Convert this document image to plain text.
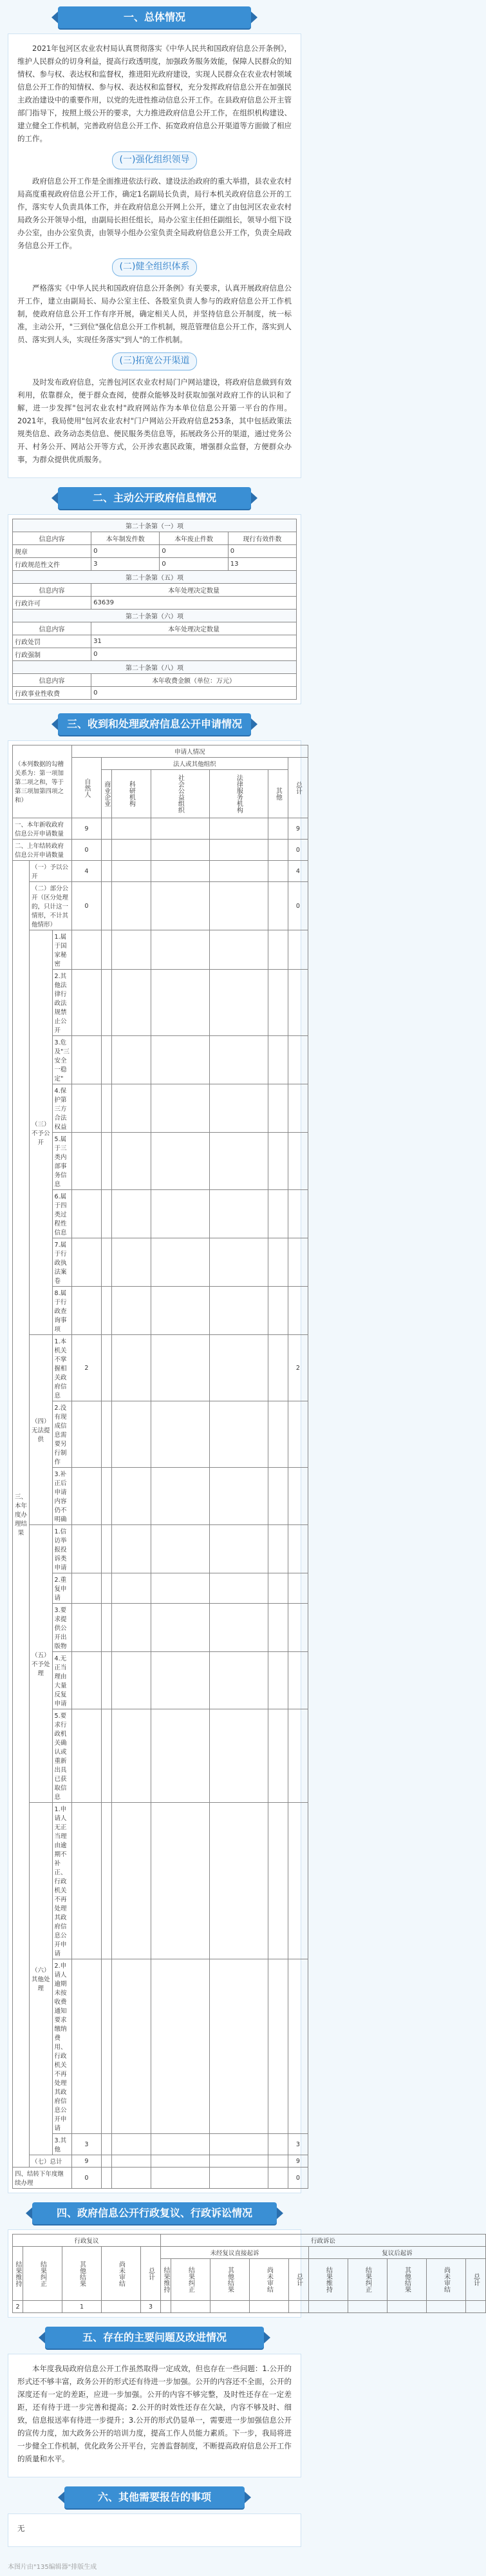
一、总体情况

2021年包河区农业农村局认真贯彻落实《中华人民共和国政府信息公开条例》，维护人民群众的切身利益，提高行政透明度，加强政务服务效能，保障人民群众的知情权、参与权、表达权和监督权，推进阳光政府建设，实现人民群众在农业农村领域信息公开工作的知情权、参与权、表达权和监督权，充分发挥政府信息公开在加强民主政治建设中的重要作用，以党的先进性推动信息公开工作。在县政府信息公开主管部门指导下，按照上级公开的要求，大力推进政府信息公开工作，在组织机构建设、建立健全工作机制，完善政府信息公开工作、拓宽政府信息公开渠道等方面做了相应的工作。

(一)强化组织领导

政府信息公开工作是全面推进依法行政、建设法治政府的重大举措，县农业农村局高度重视政府信息公开工作，确定1名副局长负责，局行本机关政府信息公开的工作，落实专人负责具体工作，并在政府信息公开网上公开，建立了由包河区农业农村局政务公开领导小组，由副局长担任组长，局办公室主任担任副组长，领导小组下设办公室，由办公室负责，由领导小组办公室负责全局政府信息公开工作，负责全局政务信息公开工作。

(二)健全组织体系

严格落实《中华人民共和国政府信息公开条例》有关要求，认真开展政府信息公开工作，建立由副局长、局办公室主任、各股室负责人参与的政府信息公开工作机制，使政府信息公开工作有序开展，确定相关人员，并坚持信息公开制度，统一标准，主动公开，"三到位"强化信息公开工作机制，规范管理信息公开工作，落实到人员、落实到人头，实现任务落实"到人"的工作机制。

(三)拓宽公开渠道

及时发布政府信息，完善包河区农业农村局门户网站建设，将政府信息做到有效利用，依靠群众，便于群众查阅，使群众能够及时获取加强对政府工作的认识和了解，进一步发挥"包河农业农村"政府网站作为本单位信息公开第一平台的作用。2021年，我局使用"包河农业农村"门户网站公开政府信息253条，其中包括政策法规类信息、政务动态类信息、便民服务类信息等，拓展政务公开的渠道，通过党务公开、村务公开、网站公开等方式，公开涉农惠民政策，增强群众监督，方便群众办事，为群众提供优质服务。

二、主动公开政府信息情况
第二十条第（一）项			
信息内容	本年制发件数	本年废止件数	现行有效件数
规章	0	0	0
行政规范性文件	3	0	13
第二十条第（五）项			
信息内容	本年处理决定数量		
行政许可	63639		
第二十条第（六）项			
信息内容	本年处理决定数量		
行政处罚	31		
行政强制	0		
第二十条第（八）项			
信息内容	本年收费金额（单位：万元）		
行政事业性收费	0		
三、收到和处理政府信息公开申请情况
（本列数据的勾稽关系为：第一项加第二项之和，等于第三项加第四项之和）			申请人情况						
			自然人	法人或其他组织					总计
				商业企业	科研机构	社会公益组织	法律服务机构	其他	
一、本年新收政府信息公开申请数量			9						9
二、上年结转政府信息公开申请数量			0						0
三、本年度办理结果	（一）予以公开		4						4
	（二）部分公开（区分处理的，只计这一情形，不计其他情形）		0						0
	（三）不予公开	1.属于国家秘密							
		2.其他法律行政法规禁止公开							
		3.危及"三安全一稳定"							
		4.保护第三方合法权益							
		5.属于三类内部事务信息							
		6.属于四类过程性信息							
		7.属于行政执法案卷							
		8.属于行政查询事项							
	（四）无法提供	1.本机关不掌握相关政府信息	2						2
		2.没有现成信息需要另行制作							
		3.补正后申请内容仍不明确							
	（五）不予处理	1.信访举报投诉类申请							
		2.重复申请							
		3.要求提供公开出版物							
		4.无正当理由大量反复申请							
		5.要求行政机关确认或重新出具已获取信息							
	（六）其他处理	1.申请人无正当理由逾期不补正、行政机关不再处理其政府信息公开申请							
		2.申请人逾期未按收费通知要求缴纳费用、行政机关不再处理其政府信息公开申请							
		3.其他	3						3
	（七）总计		9						9
四、结转下年度继续办理			0						0
四、政府信息公开行政复议、行政诉讼情况
行政复议					行政诉讼									
结果维持	结果纠正	其他结果	尚未审结	总计	未经复议直接起诉					复议后起诉				
					结果维持	结果纠正	其他结果	尚未审结	总计	结果维持	结果纠正	其他结果	尚未审结	总计
2		1		3										
五、存在的主要问题及改进情况

本年度我局政府信息公开工作虽然取得一定成效，但也存在一些问题：1.公开的形式还不够丰富，政务公开的形式还有待进一步加强。公开的内容还不全面，公开的深度还有一定的差距，应进一步加强。公开的内容不够完整，及时性还存在一定差距，还有待于进一步完善和提高；2.公开的时效性还存在欠缺，内容不够及时、细致，信息报送率有待进一步提升；3.公开的形式仍显单一，需要进一步加强信息公开的宣传力度，加大政务公开的培训力度，提高工作人员能力素质。下一步，我局将进一步健全工作机制，优化政务公开平台，完善监督制度，不断提高政府信息公开工作的质量和水平。

六、其他需要报告的事项

无

本图片由"135编辑器"排版生成
